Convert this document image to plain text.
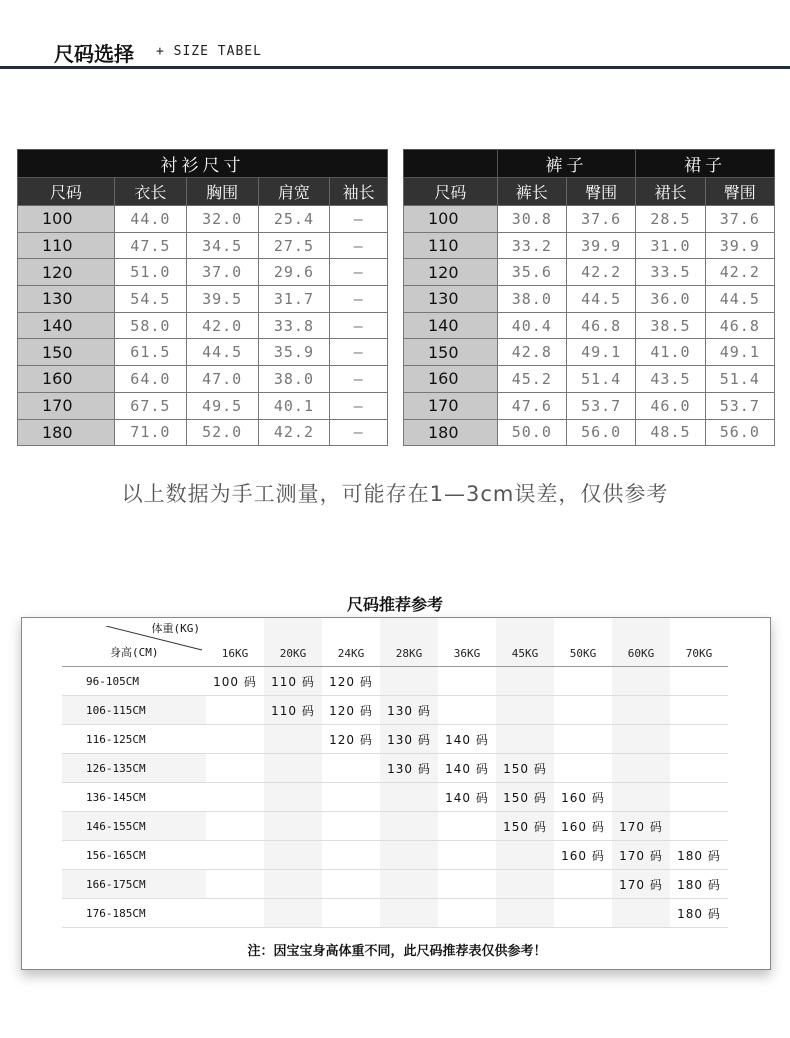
尺码选择 + SIZE TABEL
衬衫尺寸				
尺码	衣长	胸围	肩宽	袖长
100	44.0	32.0	25.4	—
110	47.5	34.5	27.5	—
120	51.0	37.0	29.6	—
130	54.5	39.5	31.7	—
140	58.0	42.0	33.8	—
150	61.5	44.5	35.9	—
160	64.0	47.0	38.0	—
170	67.5	49.5	40.1	—
180	71.0	52.0	42.2	—
	裤子		裙子	
尺码	裤长	臀围	裙长	臀围
100	30.8	37.6	28.5	37.6
110	33.2	39.9	31.0	39.9
120	35.6	42.2	33.5	42.2
130	38.0	44.5	36.0	44.5
140	40.4	46.8	38.5	46.8
150	42.8	49.1	41.0	49.1
160	45.2	51.4	43.5	51.4
170	47.6	53.7	46.0	53.7
180	50.0	56.0	48.5	56.0
以上数据为手工测量，可能存在1—3cm误差，仅供参考
尺码推荐参考
体重(KG)
身高(CM)	16KG	20KG	24KG	28KG	36KG	45KG	50KG	60KG	70KG
96-105CM	100 码	110 码	120 码						
106-115CM		110 码	120 码	130 码					
116-125CM			120 码	130 码	140 码				
126-135CM				130 码	140 码	150 码			
136-145CM					140 码	150 码	160 码		
146-155CM						150 码	160 码	170 码	
156-165CM							160 码	170 码	180 码
166-175CM								170 码	180 码
176-185CM									180 码
注：因宝宝身高体重不同，此尺码推荐表仅供参考！
